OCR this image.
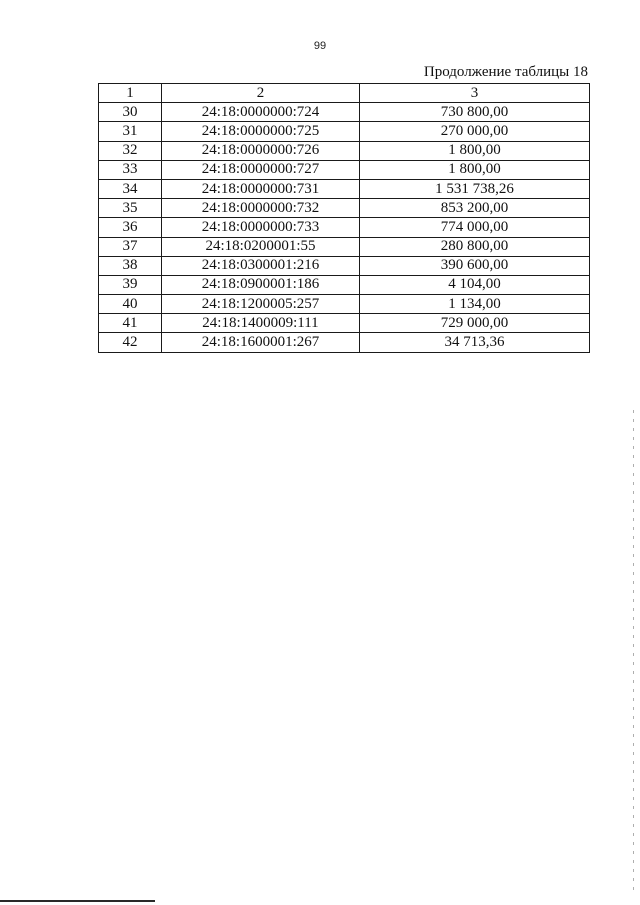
99
Продолжение таблицы 18
1	2	3
30	24:18:0000000:724	730 800,00
31	24:18:0000000:725	270 000,00
32	24:18:0000000:726	1 800,00
33	24:18:0000000:727	1 800,00
34	24:18:0000000:731	1 531 738,26
35	24:18:0000000:732	853 200,00
36	24:18:0000000:733	774 000,00
37	24:18:0200001:55	280 800,00
38	24:18:0300001:216	390 600,00
39	24:18:0900001:186	4 104,00
40	24:18:1200005:257	1 134,00
41	24:18:1400009:111	729 000,00
42	24:18:1600001:267	34 713,36
